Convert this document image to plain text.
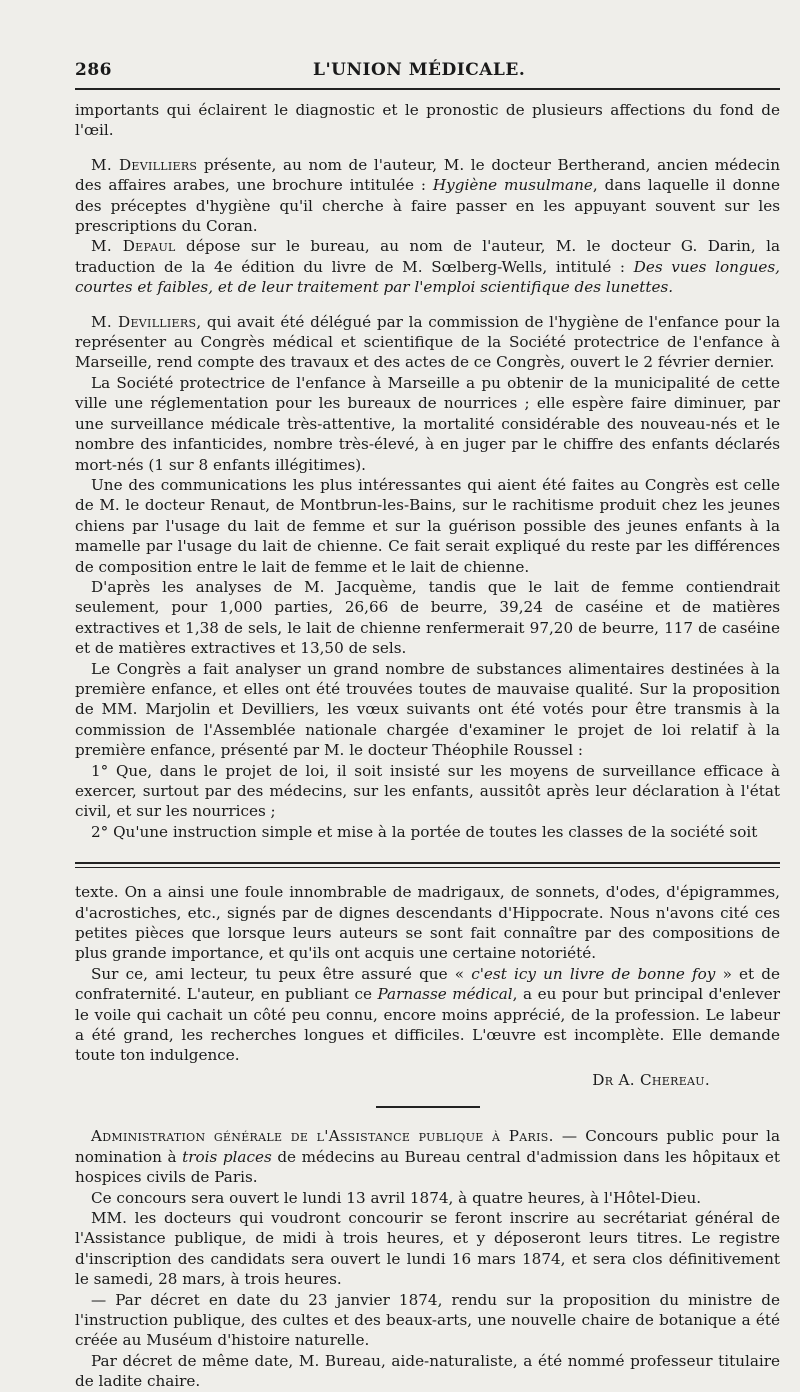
286	L'UNION MÉDICALE.

importants qui éclairent le diagnostic et le pronostic de plusieurs affections du fond de l'œil.

M. Devilliers présente, au nom de l'auteur, M. le docteur Bertherand, ancien médecin des affaires arabes, une brochure intitulée : Hygiène musulmane, dans laquelle il donne des préceptes d'hygiène qu'il cherche à faire passer en les appuyant souvent sur les prescriptions du Coran.

M. Depaul dépose sur le bureau, au nom de l'auteur, M. le docteur G. Darin, la traduction de la 4e édition du livre de M. Sœlberg-Wells, intitulé : Des vues longues, courtes et faibles, et de leur traitement par l'emploi scientifique des lunettes.

M. Devilliers, qui avait été délégué par la commission de l'hygiène de l'enfance pour la représenter au Congrès médical et scientifique de la Société protectrice de l'enfance à Marseille, rend compte des travaux et des actes de ce Congrès, ouvert le 2 février dernier.

La Société protectrice de l'enfance à Marseille a pu obtenir de la municipalité de cette ville une réglementation pour les bureaux de nourrices ; elle espère faire diminuer, par une surveillance médicale très-attentive, la mortalité considérable des nouveau-nés et le nombre des infanticides, nombre très-élevé, à en juger par le chiffre des enfants déclarés mort-nés (1 sur 8 enfants illégitimes).

Une des communications les plus intéressantes qui aient été faites au Congrès est celle de M. le docteur Renaut, de Montbrun-les-Bains, sur le rachitisme produit chez les jeunes chiens par l'usage du lait de femme et sur la guérison possible des jeunes enfants à la mamelle par l'usage du lait de chienne. Ce fait serait expliqué du reste par les différences de composition entre le lait de femme et le lait de chienne.

D'après les analyses de M. Jacquème, tandis que le lait de femme contiendrait seulement, pour 1,000 parties, 26,66 de beurre, 39,24 de caséine et de matières extractives et 1,38 de sels, le lait de chienne renfermerait 97,20 de beurre, 117 de caséine et de matières extractives et 13,50 de sels.

Le Congrès a fait analyser un grand nombre de substances alimentaires destinées à la première enfance, et elles ont été trouvées toutes de mauvaise qualité. Sur la proposition de MM. Marjolin et Devilliers, les vœux suivants ont été votés pour être transmis à la commission de l'Assemblée nationale chargée d'examiner le projet de loi relatif à la première enfance, présenté par M. le docteur Théophile Roussel :

1° Que, dans le projet de loi, il soit insisté sur les moyens de surveillance efficace à exercer, surtout par des médecins, sur les enfants, aussitôt après leur déclaration à l'état civil, et sur les nourrices ;

2° Qu'une instruction simple et mise à la portée de toutes les classes de la société soit

texte. On a ainsi une foule innombrable de madrigaux, de sonnets, d'odes, d'épigrammes, d'acrostiches, etc., signés par de dignes descendants d'Hippocrate. Nous n'avons cité ces petites pièces que lorsque leurs auteurs se sont fait connaître par des compositions de plus grande importance, et qu'ils ont acquis une certaine notoriété.

Sur ce, ami lecteur, tu peux être assuré que « c'est icy un livre de bonne foy » et de confraternité. L'auteur, en publiant ce Parnasse médical, a eu pour but principal d'enlever le voile qui cachait un côté peu connu, encore moins apprécié, de la profession. Le labeur a été grand, les recherches longues et difficiles. L'œuvre est incomplète. Elle demande toute ton indulgence.

Dr A. Chereau.

Administration générale de l'Assistance publique à Paris. — Concours public pour la nomination à trois places de médecins au Bureau central d'admission dans les hôpitaux et hospices civils de Paris.

Ce concours sera ouvert le lundi 13 avril 1874, à quatre heures, à l'Hôtel-Dieu.

MM. les docteurs qui voudront concourir se feront inscrire au secrétariat général de l'Assistance publique, de midi à trois heures, et y déposeront leurs titres. Le registre d'inscription des candidats sera ouvert le lundi 16 mars 1874, et sera clos définitivement le samedi, 28 mars, à trois heures.

— Par décret en date du 23 janvier 1874, rendu sur la proposition du ministre de l'instruction publique, des cultes et des beaux-arts, une nouvelle chaire de botanique a été créée au Muséum d'histoire naturelle.

Par décret de même date, M. Bureau, aide-naturaliste, a été nommé professeur titulaire de ladite chaire.
